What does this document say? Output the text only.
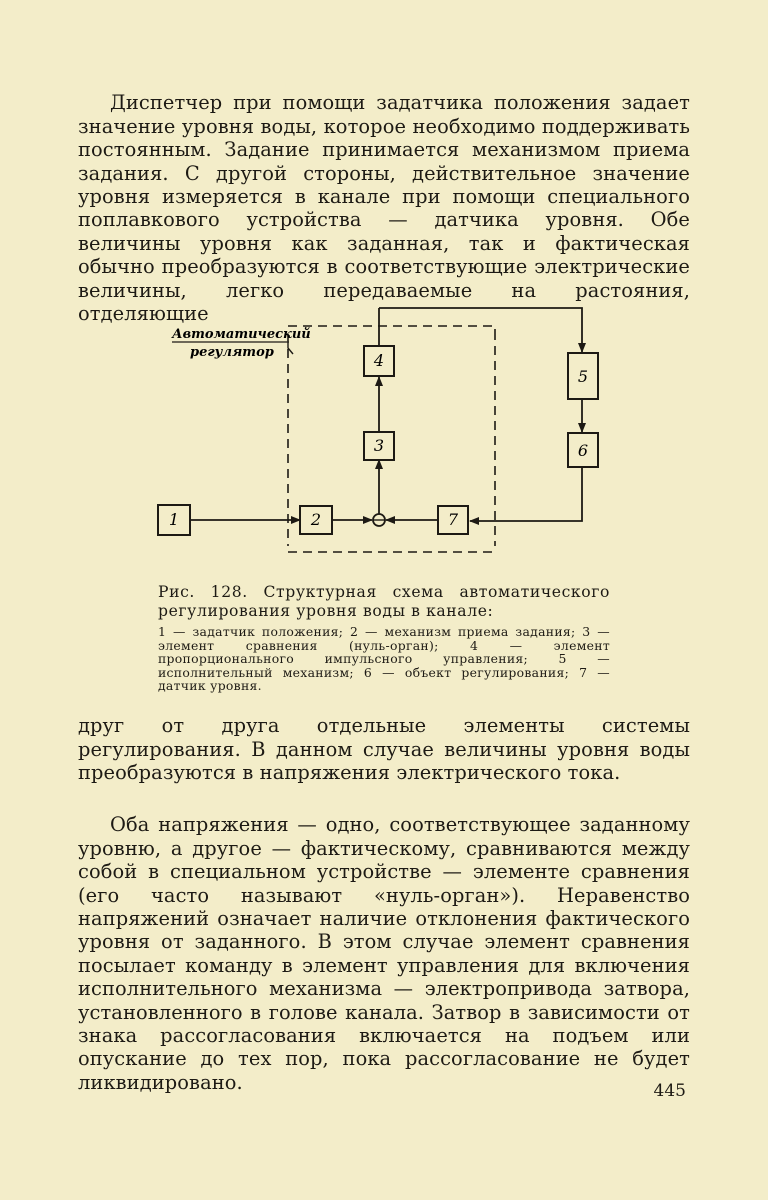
Диспетчер при помощи задатчика положения задает значение уровня воды, которое необходимо поддерживать постоянным. Задание принимается механизмом приема задания. С другой стороны, действительное значение уровня измеряется в канале при помощи специального поплавкового устройства — датчика уровня. Обе величины уровня как заданная, так и фактическая обычно преобразуются в соответствующие электрические величины, легко передаваемые на растояния, отделяющие

Автоматический
регулятор
1	2
3
4
5
6
7
Рис. 128. Структурная схема автоматического регулирования уровня воды в канале:
1 — задатчик положения; 2 — механизм приема задания; 3 — элемент сравнения (нуль-орган); 4 — элемент пропорционального импульсного управления; 5 — исполнительный механизм; 6 — объект регулирования; 7 — датчик уровня.

друг от друга отдельные элементы системы регулирования. В данном случае величины уровня воды преобразуются в напряжения электрического тока.

Оба напряжения — одно, соответствующее заданному уровню, а другое — фактическому, сравниваются между собой в специальном устройстве — элементе сравнения (его часто называют «нуль-орган»). Неравенство напряжений означает наличие отклонения фактического уровня от заданного. В этом случае элемент сравнения посылает команду в элемент управления для включения исполнительного механизма — электропривода затвора, установленного в голове канала. Затвор в зависимости от знака рассогласования включается на подъем или опускание до тех пор, пока рассогласование не будет ликвидировано.	445
